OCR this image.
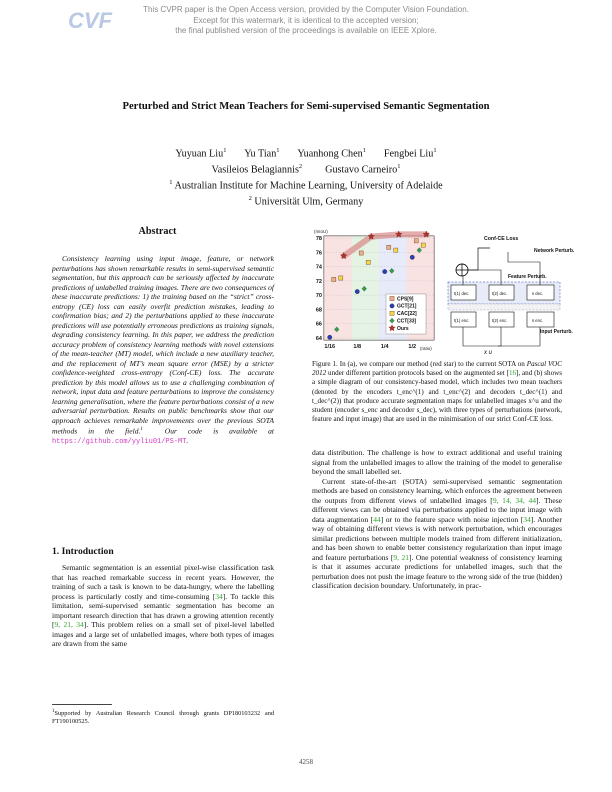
CVF	This CVPR paper is the Open Access version, provided by the Computer Vision Foundation.
Except for this watermark, it is identical to the accepted version;
the final published version of the proceedings is available on IEEE Xplore.
Perturbed and Strict Mean Teachers for Semi-supervised Semantic Segmentation
Yuyuan Liu$^1$ Yu Tian$^1$ Yuanhong Chen$^1$ Fengbei Liu$^1$
Vasileios Belagiannis$^2$ Gustavo Carneiro$^1$
$^1$ Australian Institute for Machine Learning, University of Adelaide
$^2$ Universität Ulm, Germany
Abstract
Consistency learning using input image, feature, or network perturbations has shown remarkable results in semi-supervised semantic segmentation, but this approach can be seriously affected by inaccurate predictions of unlabelled training images. There are two consequences of these inaccurate predictions: 1) the training based on the “strict” cross-entropy (CE) loss can easily overfit prediction mistakes, leading to confirmation bias; and 2) the perturbations applied to these inaccurate predictions will use potentially erroneous predictions as training signals, degrading consistency learning. In this paper, we address the prediction accuracy problem of consistency learning methods with novel extensions of the mean-teacher (MT) model, which include a new auxiliary teacher, and the replacement of MT’s mean square error (MSE) by a stricter confidence-weighted cross-entropy (Conf-CE) loss. The accurate prediction by this model allows us to use a challenging combination of network, input data and feature perturbations to improve the consistency learning generalisation, where the feature perturbations consist of a new adversarial perturbation. Results on public benchmarks show that our approach achieves remarkable improvements over the previous SOTA methods in the field.$^1$	Our code is available at https://github.com/yyliu01/PS-MT.
1. Introduction

Semantic segmentation is an essential pixel-wise classification task that has reached remarkable success in recent years. However, the training of such a task is known to be data-hungry, where the labelling process is particularly costly and time-consuming [34]. To tackle this limitation, semi-supervised semantic segmentation has become an important research direction that has drawn a growing attention recently [9, 21, 34]. This problem relies on a small set of pixel-level labelled images and a large set of unlabelled images, where both types of images are drawn from the same

$^1$Supported by Australian Research Council through grants DP180103232 and FT190100525.
64
66
68
70
72
74
76
78
1/16	1/8	1/4	1/2
(mIoU)
(ratio)
CPS[9]
GCT[21]
CAC[22]
CCT[33]
Ours
Conf-CE Loss
Network Perturb.
Feature Perturb.
Input Perturb.
t(1) dec.	t(2) dec.	s dec.
t(1) enc.	t(2) enc.	s enc.
x u
Figure 1. In (a), we compare our method (red star) to the current SOTA on Pascal VOC 2012 under different partition protocols based on the augmented set [16], and (b) shows a simple diagram of our consistency-based model, which includes two mean teachers (denoted by the encoders t_enc^(1) and t_enc^(2) and decoders t_dec^(1) and t_dec^(2)) that produce accurate segmentation maps for unlabelled images x^u and the student (encoder s_enc and decoder s_dec), with three types of perturbations (network, feature and input image) that are used in the minimisation of our strict Conf-CE loss.

data distribution. The challenge is how to extract additional and useful training signal from the unlabelled images to allow the training of the model to generalise beyond the small labelled set.

Current state-of-the-art (SOTA) semi-supervised semantic segmentation methods are based on consistency learning, which enforces the agreement between the outputs from different views of unlabelled images [9, 14, 34, 44]. These different views can be obtained via perturbations applied to the input image with data augmentation [44] or to the feature space with noise injection [34]. Another way of obtaining different views is with network perturbation, which encourages similar predictions between multiple models trained from different initialization, and has been shown to enable better consistency regularization than input image and feature perturbations [9, 21]. One potential weakness of consistency learning is that it assumes accurate predictions for unlabelled images, such that the perturbation does not push the image feature to the wrong side of the true (hidden) classification decision boundary. Unfortunately, in prac-

4258
